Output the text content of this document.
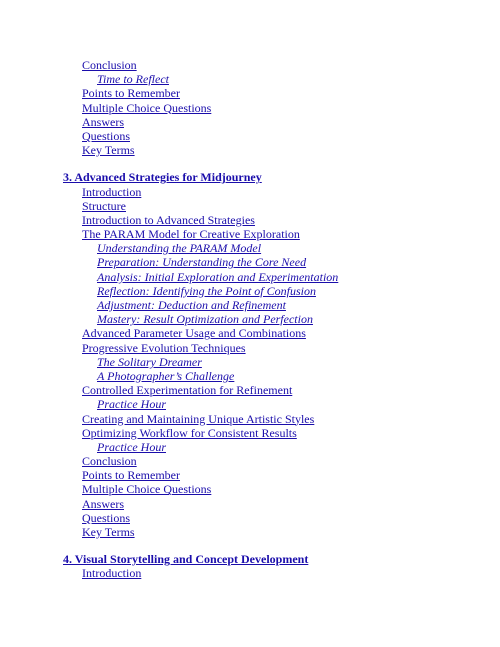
Conclusion
Time to Reflect
Points to Remember
Multiple Choice Questions
Answers
Questions
Key Terms
3. Advanced Strategies for Midjourney
Introduction
Structure
Introduction to Advanced Strategies
The PARAM Model for Creative Exploration
Understanding the PARAM Model
Preparation: Understanding the Core Need
Analysis: Initial Exploration and Experimentation
Reflection: Identifying the Point of Confusion
Adjustment: Deduction and Refinement
Mastery: Result Optimization and Perfection
Advanced Parameter Usage and Combinations
Progressive Evolution Techniques
The Solitary Dreamer
A Photographer’s Challenge
Controlled Experimentation for Refinement
Practice Hour
Creating and Maintaining Unique Artistic Styles
Optimizing Workflow for Consistent Results
Practice Hour
Conclusion
Points to Remember
Multiple Choice Questions
Answers
Questions
Key Terms
4. Visual Storytelling and Concept Development
Introduction
